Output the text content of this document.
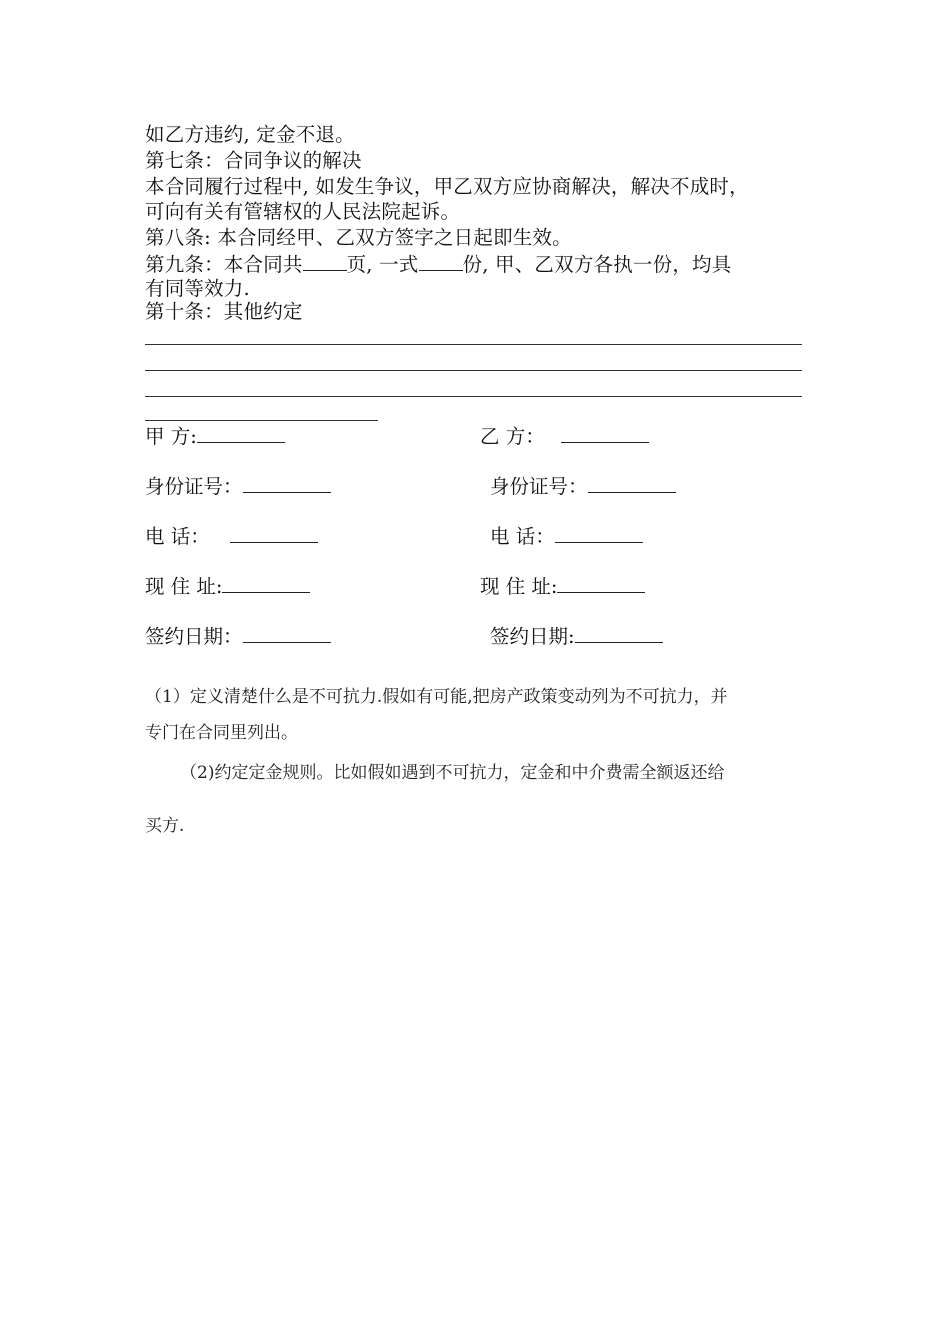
如乙方违约, 定金不退。
第七条：合同争议的解决
本合同履行过程中, 如发生争议，甲乙双方应协商解决，解决不成时，
可向有关有管辖权的人民法院起诉。
第八条: 本合同经甲、乙双方签字之日起即生效。
第九条：本合同共 页, 一式 份, 甲、乙双方各执一份，均具
有同等效力.
第十条：其他约定
甲 方:
身份证号：
电 话：
现 住 址:
签约日期：
乙 方：
身份证号：
电 话：
现 住 址:
签约日期:
（1）定义清楚什么是不可抗力.假如有可能,把房产政策变动列为不可抗力，并
专门在合同里列出。
（2)约定定金规则。比如假如遇到不可抗力，定金和中介费需全额返还给
买方.
